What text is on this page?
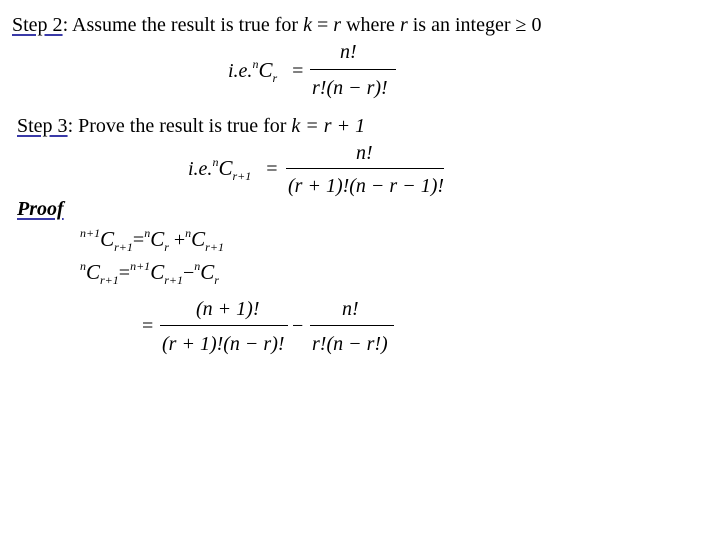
Step 2: Assume the result is true for k = r where r is an integer ≥ 0
$i.e.^nC_r$ =
n!
r!(n − r)!
Step 3: Prove the result is true for k = r + 1
$i.e.^nC_{r+1}$ =
n!
(r + 1)!(n − r − 1)!
Proof
$^{n+1}C_{r+1}=^nC_r +^nC_{r+1}$
$^nC_{r+1}=^{n+1}C_{r+1}-^nC_r$
=
(n + 1)!
(r + 1)!(n − r)!
−
n!
r!(n − r!)
